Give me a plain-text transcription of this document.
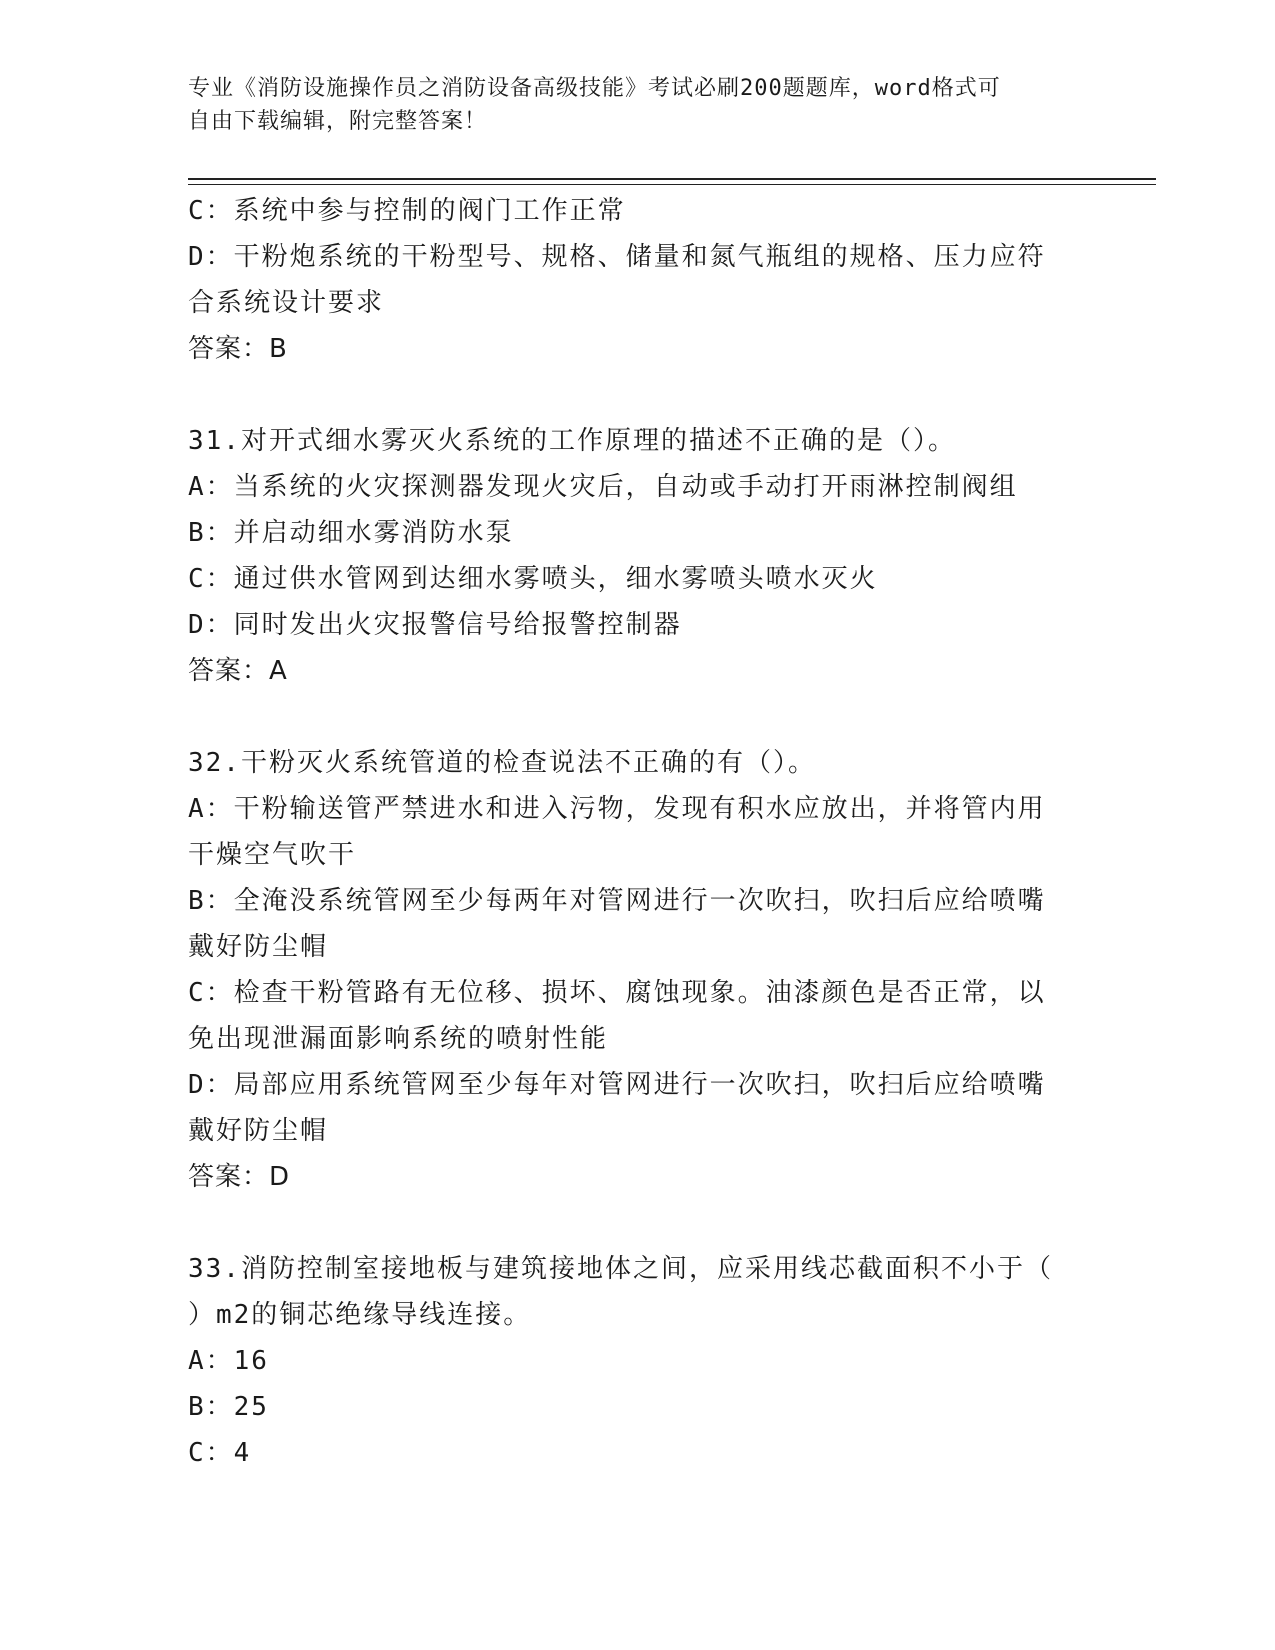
专业《消防设施操作员之消防设备高级技能》考试必刷200题题库，word格式可
自由下载编辑，附完整答案！
C：系统中参与控制的阀门工作正常
D：干粉炮系统的干粉型号、规格、储量和氮气瓶组的规格、压力应符
合系统设计要求
答案：B
31.对开式细水雾灭火系统的工作原理的描述不正确的是（）。
A：当系统的火灾探测器发现火灾后，自动或手动打开雨淋控制阀组
B：并启动细水雾消防水泵
C：通过供水管网到达细水雾喷头，细水雾喷头喷水灭火
D：同时发出火灾报警信号给报警控制器
答案：A
32.干粉灭火系统管道的检查说法不正确的有（）。
A：干粉输送管严禁进水和进入污物，发现有积水应放出，并将管内用
干燥空气吹干
B：全淹没系统管网至少每两年对管网进行一次吹扫，吹扫后应给喷嘴
戴好防尘帽
C：检查干粉管路有无位移、损坏、腐蚀现象。油漆颜色是否正常，以
免出现泄漏面影响系统的喷射性能
D：局部应用系统管网至少每年对管网进行一次吹扫，吹扫后应给喷嘴
戴好防尘帽
答案：D
33.消防控制室接地板与建筑接地体之间，应采用线芯截面积不小于（
）m2的铜芯绝缘导线连接。
A：16
B：25
C：4
